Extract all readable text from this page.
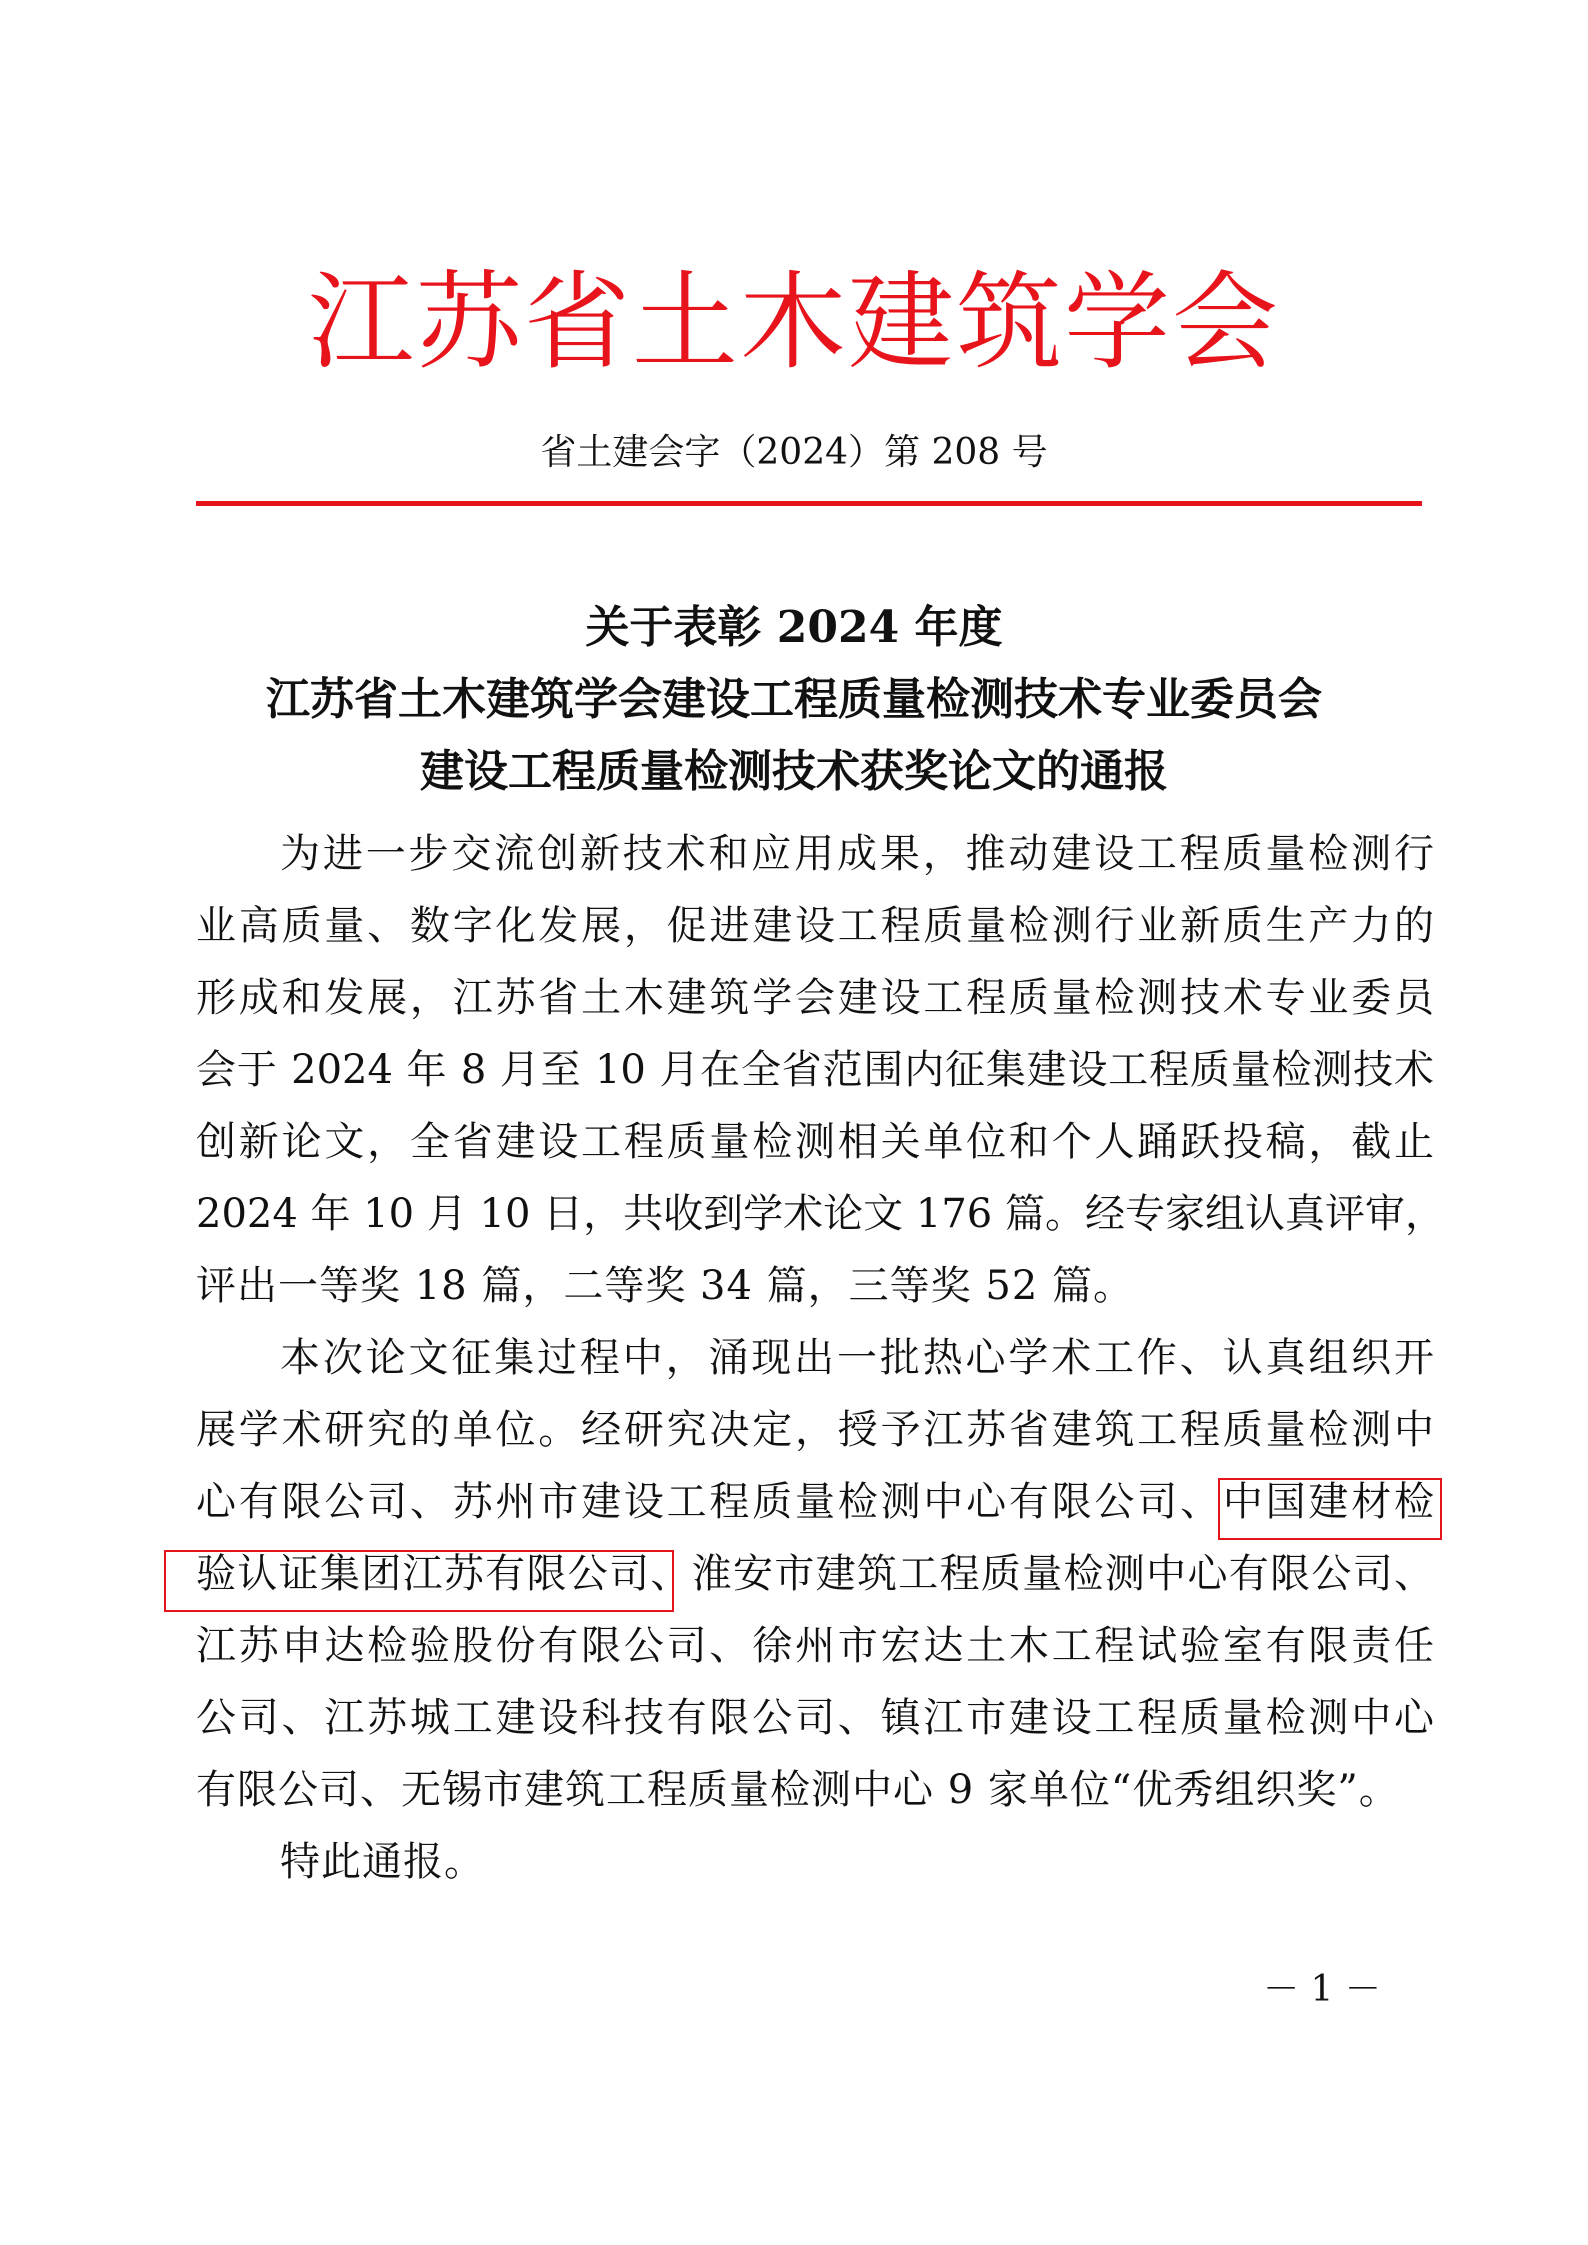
江苏省土木建筑学会
省土建会字（2024）第 208 号
关于表彰 2024 年度
江苏省土木建筑学会建设工程质量检测技术专业委员会
建设工程质量检测技术获奖论文的通报
为进一步交流创新技术和应用成果，推动建设工程质量检测行
业高质量、数字化发展，促进建设工程质量检测行业新质生产力的
形成和发展，江苏省土木建筑学会建设工程质量检测技术专业委员
会于 2024 年 8 月至 10 月在全省范围内征集建设工程质量检测技术
创新论文，全省建设工程质量检测相关单位和个人踊跃投稿，截止
2024 年 10 月 10 日，共收到学术论文 176 篇。经专家组认真评审，
评出一等奖 18 篇，二等奖 34 篇，三等奖 52 篇。
本次论文征集过程中，涌现出一批热心学术工作、认真组织开
展学术研究的单位。经研究决定，授予江苏省建筑工程质量检测中
心有限公司、苏州市建设工程质量检测中心有限公司、中国建材检
验认证集团江苏有限公司、淮安市建筑工程质量检测中心有限公司、
江苏申达检验股份有限公司、徐州市宏达土木工程试验室有限责任
公司、江苏城工建设科技有限公司、镇江市建设工程质量检测中心
有限公司、无锡市建筑工程质量检测中心 9 家单位“优秀组织奖”。
特此通报。
－ 1 －
